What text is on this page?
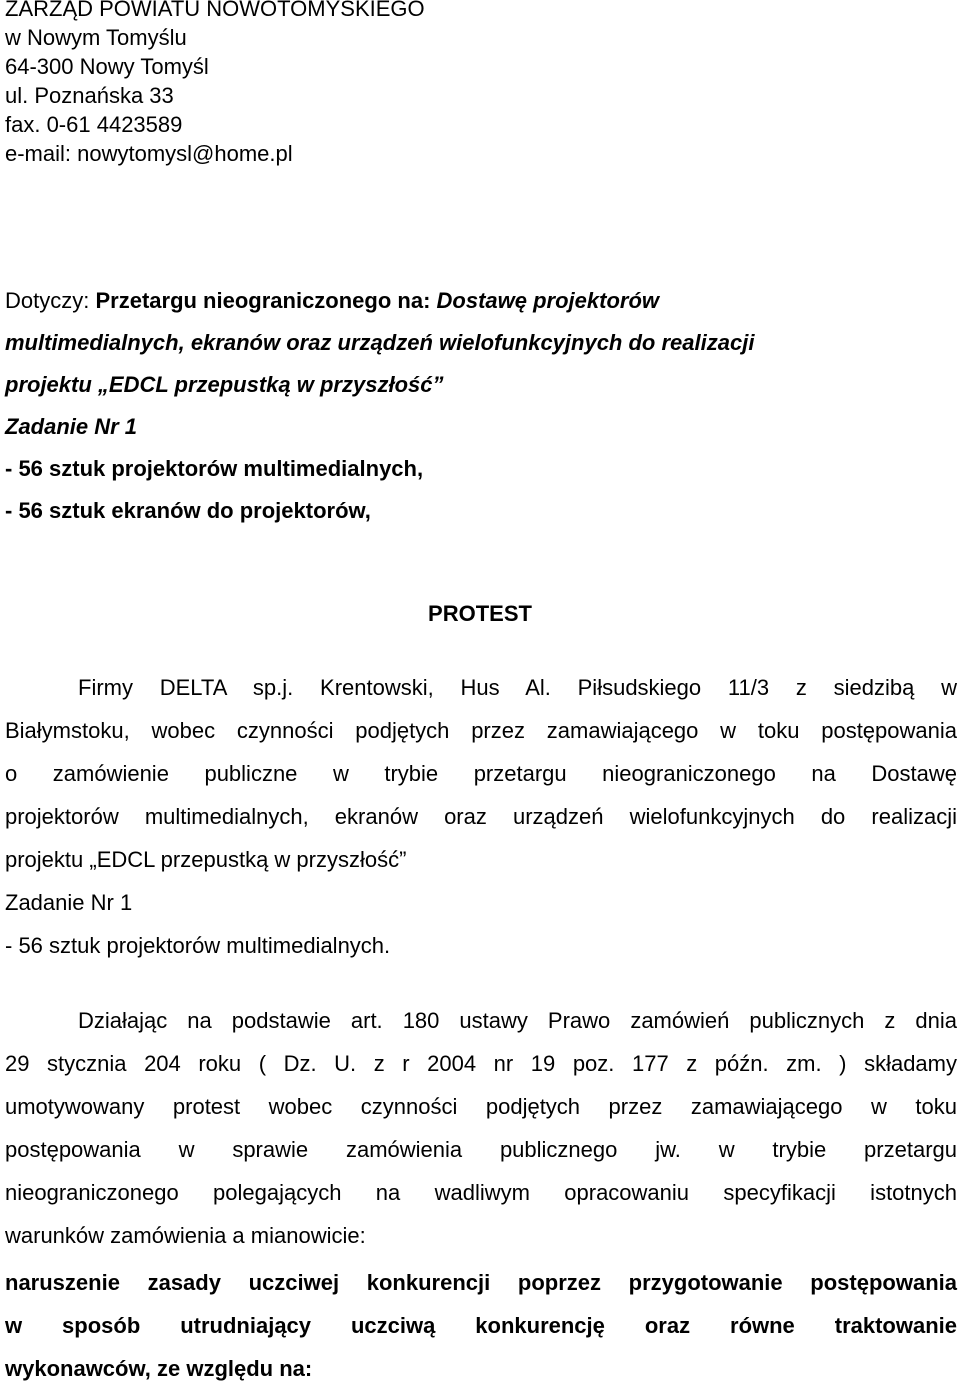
ZARZĄD POWIATU NOWOTOMYSKIEGO
w Nowym Tomyślu
64-300 Nowy Tomyśl
ul. Poznańska 33
fax. 0-61 4423589
e-mail: nowytomysl@home.pl
Dotyczy: Przetargu nieograniczonego na: Dostawę projektorów
multimedialnych, ekranów oraz urządzeń wielofunkcyjnych do realizacji
projektu „EDCL przepustką w przyszłość”
Zadanie Nr 1
- 56 sztuk projektorów multimedialnych,
- 56 sztuk ekranów do projektorów,
PROTEST
Firmy DELTA sp.j. Krentowski, Hus Al. Piłsudskiego 11/3 z siedzibą w
Białymstoku, wobec czynności podjętych przez zamawiającego w toku postępowania
o zamówienie publiczne w trybie przetargu nieograniczonego na Dostawę
projektorów multimedialnych, ekranów oraz urządzeń wielofunkcyjnych do realizacji
projektu „EDCL przepustką w przyszłość”
Zadanie Nr 1
- 56 sztuk projektorów multimedialnych.
Działając na podstawie art. 180 ustawy Prawo zamówień publicznych z dnia
29 stycznia 204 roku ( Dz. U. z r 2004 nr 19 poz. 177 z późn. zm. ) składamy
umotywowany protest wobec czynności podjętych przez zamawiającego w toku
postępowania w sprawie zamówienia publicznego jw. w trybie przetargu
nieograniczonego polegających na wadliwym opracowaniu specyfikacji istotnych
warunków zamówienia a mianowicie:
naruszenie zasady uczciwej konkurencji poprzez przygotowanie postępowania
w sposób utrudniający uczciwą konkurencję oraz równe traktowanie
wykonawców, ze względu na:
